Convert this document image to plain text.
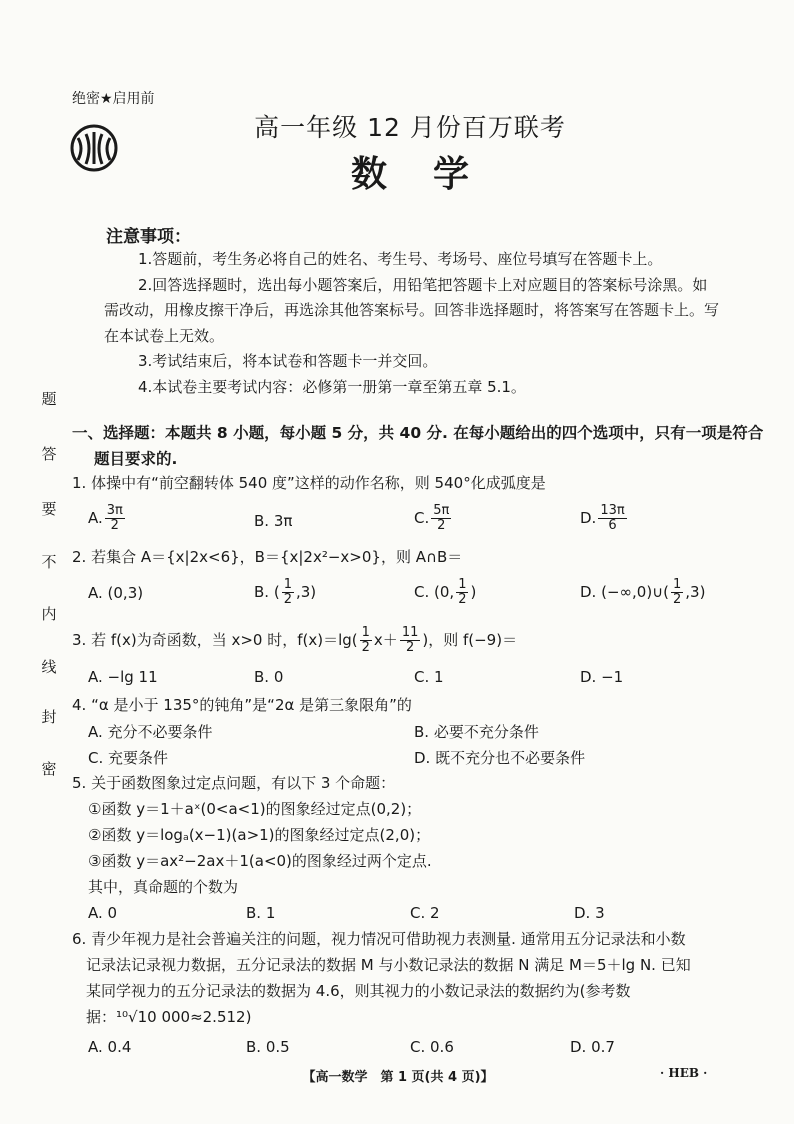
题
答
要
不
内
线
封
密
绝密★启用前
高一年级 12 月份百万联考
数学
注意事项：

1.答题前，考生务必将自己的姓名、考生号、考场号、座位号填写在答题卡上。

2.回答选择题时，选出每小题答案后，用铅笔把答题卡上对应题目的答案标号涂黑。如需改动，用橡皮擦干净后，再选涂其他答案标号。回答非选择题时，将答案写在答题卡上。写在本试卷上无效。

3.考试结束后，将本试卷和答题卡一并交回。

4.本试卷主要考试内容：必修第一册第一章至第五章 5.1。

一、选择题：本题共 8 小题，每小题 5 分，共 40 分. 在每小题给出的四个选项中，只有一项是符合
题目要求的.
1. 体操中有“前空翻转体 540 度”这样的动作名称，则 540°化成弧度是
A. $\frac{3\pi}{2}$	B. 3π	C. $\frac{5\pi}{2}$	D. $\frac{13\pi}{6}$
2. 若集合 A＝{x|2x<6}，B＝{x|2x²−x>0}，则 A∩B＝
A. (0,3)	B. ( $\frac{1}{2} ,3$)	C. (0, $\frac{1}{2}$ )	D. (−∞,0)∪( $\frac{1}{2} ,3$)
3. 若 f(x)为奇函数，当 x>0 时，$f(x)=\lg( \frac{1}{2} x+ \frac{11}{2}$ )，则 f(−9)＝
A. −lg 11	B. 0	C. 1	D. −1
4. “α 是小于 135°的钝角”是“2α 是第三象限角”的
A. 充分不必要条件	B. 必要不充分条件
C. 充要条件	D. 既不充分也不必要条件
5. 关于函数图象过定点问题，有以下 3 个命题：
①函数 y＝1＋aˣ(0<a<1)的图象经过定点(0,2)；
②函数 y＝logₐ(x−1)(a>1)的图象经过定点(2,0)；
③函数 y＝ax²−2ax＋1(a<0)的图象经过两个定点.
其中，真命题的个数为
A. 0	B. 1	C. 2	D. 3
6. 青少年视力是社会普遍关注的问题，视力情况可借助视力表测量. 通常用五分记录法和小数
记录法记录视力数据，五分记录法的数据 M 与小数记录法的数据 N 满足 M＝5＋lg N. 已知
某同学视力的五分记录法的数据为 4.6，则其视力的小数记录法的数据约为(参考数
据：¹⁰√10 000≈2.512)
A. 0.4	B. 0.5	C. 0.6	D. 0.7
【高一数学　第 1 页(共 4 页)】	· HEB ·
